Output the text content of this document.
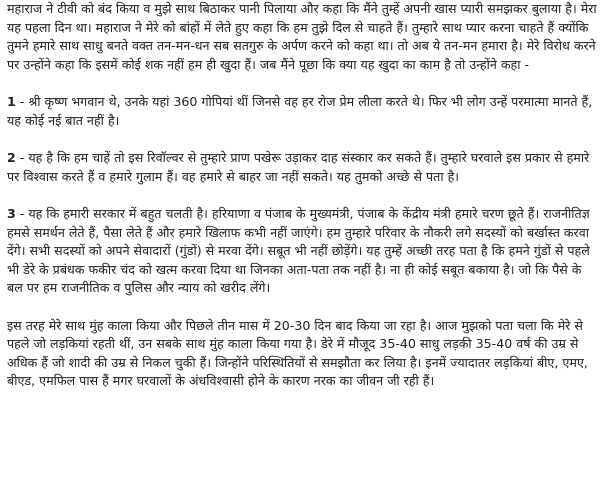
महाराज ने टीवी को बंद किया व मुझे साथ बिठाकर पानी पिलाया और कहा कि मैंने तुम्हें अपनी खास प्यारी समझकर बुलाया है। मेरा यह पहला दिन था। महाराज ने मेरे को बांहों में लेते हुए कहा कि हम तुझे दिल से चाहते हैं। तुम्हारे साथ प्यार करना चाहते हैं क्योंकि तुमने हमारे साथ साधु बनते वक्त तन-मन-धन सब सतगुरु के अर्पण करने को कहा था। तो अब ये तन-मन हमारा है। मेरे विरोध करने पर उन्होंने कहा कि इसमें कोई शक नहीं हम ही खुदा हैं। जब मैंने पूछा कि क्या यह खुदा का काम है तो उन्होंने कहा -

1 - श्री कृष्ण भगवान थे, उनके यहां 360 गोपियां थीं जिनसे वह हर रोज प्रेम लीला करते थे। फिर भी लोग उन्हें परमात्मा मानते हैं, यह कोई नई बात नहीं है।

2 - यह है कि हम चाहें तो इस रिवॉल्वर से तुम्हारे प्राण पखेरू उड़ाकर दाह संस्कार कर सकते हैं। तुम्हारे घरवाले इस प्रकार से हमारे पर विश्वास करते हैं व हमारे गुलाम हैं। वह हमारे से बाहर जा नहीं सकते। यह तुमको अच्छे से पता है।

3 - यह कि हमारी सरकार में बहुत चलती है। हरियाणा व पंजाब के मुख्यमंत्री, पंजाब के केंद्रीय मंत्री हमारे चरण छूते हैं। राजनीतिज्ञ हमसे समर्थन लेते हैं, पैसा लेते हैं और हमारे खिलाफ कभी नहीं जाएंगे। हम तुम्हारे परिवार के नौकरी लगे सदस्यों को बर्खास्त करवा देंगे। सभी सदस्यों को अपने सेवादारों (गुंडों) से मरवा देंगे। सबूत भी नहीं छोड़ेंगे। यह तुम्हें अच्छी तरह पता है कि हमने गुंडों से पहले भी डेरे के प्रबंधक फकीर चंद को खत्म करवा दिया था जिनका अता-पता तक नहीं है। ना ही कोई सबूत बकाया है। जो कि पैसे के बल पर हम राजनीतिक व पुलिस और न्याय को खरीद लेंगे।

इस तरह मेरे साथ मुंह काला किया और पिछले तीन मास में 20-30 दिन बाद किया जा रहा है। आज मुझको पता चला कि मेरे से पहले जो लड़कियां रहती थीं, उन सबके साथ मुंह काला किया गया है। डेरे में मौजूद 35-40 साधु लड़की 35-40 वर्ष की उम्र से अधिक हैं जो शादी की उम्र से निकल चुकी हैं। जिन्होंने परिस्थितियों से समझौता कर लिया है। इनमें ज्यादातर लड़कियां बीए, एमए, बीएड, एमफिल पास हैं मगर घरवालों के अंधविश्वासी होने के कारण नरक का जीवन जी रही हैं।
